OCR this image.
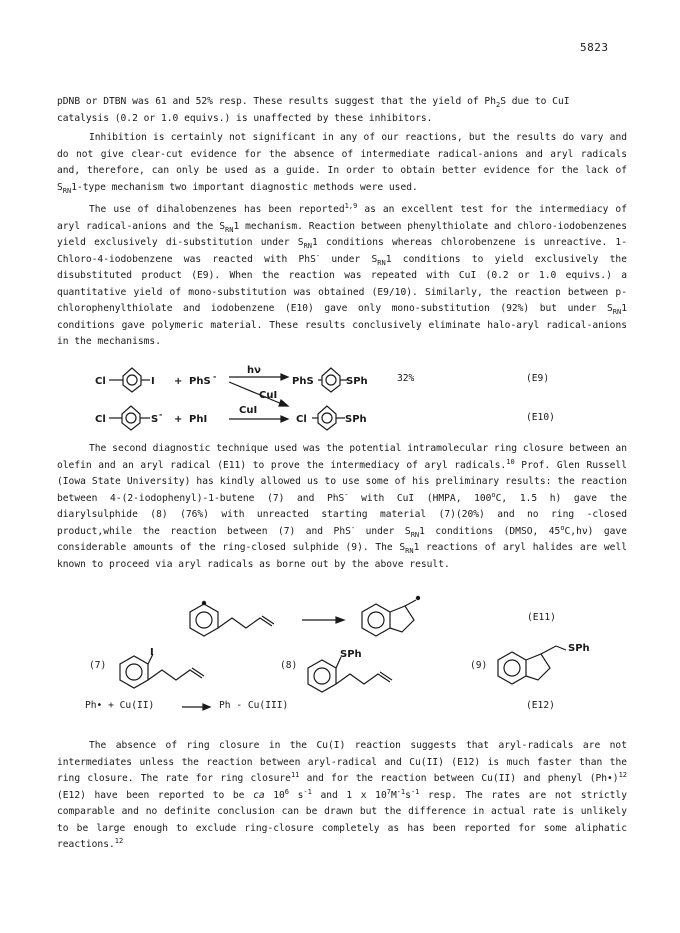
5823

pDNB or DTBN was 61 and 52% resp. These results suggest that the yield of $Ph_2S$ due to CuI

catalysis (0.2 or 1.0 equivs.) is unaffected by these inhibitors.

Inhibition is certainly not significant in any of our reactions, but the results do vary and do not give clear-cut evidence for the absence of intermediate radical-anions and aryl radicals and, therefore, can only be used as a guide. In order to obtain better evidence for the lack of $S_{RN}1$-type mechanism two important diagnostic methods were used.

The use of dihalobenzenes has been reported$^{1,9}$ as an excellent test for the intermediacy of aryl radical-anions and the $S_{RN}1$ mechanism. Reaction between phenylthiolate and chloro-iodobenzenes yield exclusively di-substitution under $S_{RN}1$ conditions whereas chlorobenzene is unreactive. 1-Chloro-4-iodobenzene was reacted with PhS- under $S_{RN}1$ conditions to yield exclusively the disubstituted product (E9). When the reaction was repeated with CuI (0.2 or 1.0 equivs.) a quantitative yield of mono-substitution was obtained (E9/10). Similarly, the reaction between p-chlorophenylthiolate and iodobenzene (E10) gave only mono-substitution (92%) but under $S_{RN}1$ conditions gave polymeric material. These results conclusively eliminate halo-aryl radical-anions in the mechanisms.

Cl	I + PhS -
hν
CuI
PhS	SPh
Cl	S - + PhI
CuI
Cl	SPh
32%	(E9)
(E10)

The second diagnostic technique used was the potential intramolecular ring closure between an olefin and an aryl radical (E11) to prove the intermediacy of aryl radicals.$^{10}$ Prof. Glen Russell (Iowa State University) has kindly allowed us to use some of his preliminary results: the reaction between 4-(2-iodophenyl)-1-butene (7) and PhS- with CuI (HMPA, 100$^o$C, 1.5 h) gave the diarylsulphide (8) (76%) with unreacted starting material (7)(20%) and no ring -closed product,while the reaction between (7) and PhS- under $S_{RN}1$ conditions (DMSO, 45$^o$C,hν) gave considerable amounts of the ring-closed sulphide (9). The $S_{RN}1$ reactions of aryl halides are well known to proceed via aryl radicals as borne out by the above result.

I	SPh
SPh
(E11)
(7)	(8)	(9)
Ph• + Cu(II)	Ph - Cu(III)	(E12)

The absence of ring closure in the Cu(I) reaction suggests that aryl-radicals are not intermediates unless the reaction between aryl-radical and Cu(II) (E12) is much faster than the ring closure. The rate for ring closure$^{11}$ and for the reaction between Cu(II) and phenyl (Ph•)$^{12}$ (E12) have been reported to be ca $10^6$ $s^{-1}$ and 1 x $10^7M^{-1}s^{-1}$ resp. The rates are not strictly comparable and no definite conclusion can be drawn but the difference in actual rate is unlikely to be large enough to exclude ring-closure completely as has been reported for some aliphatic reactions.$^{12}$
